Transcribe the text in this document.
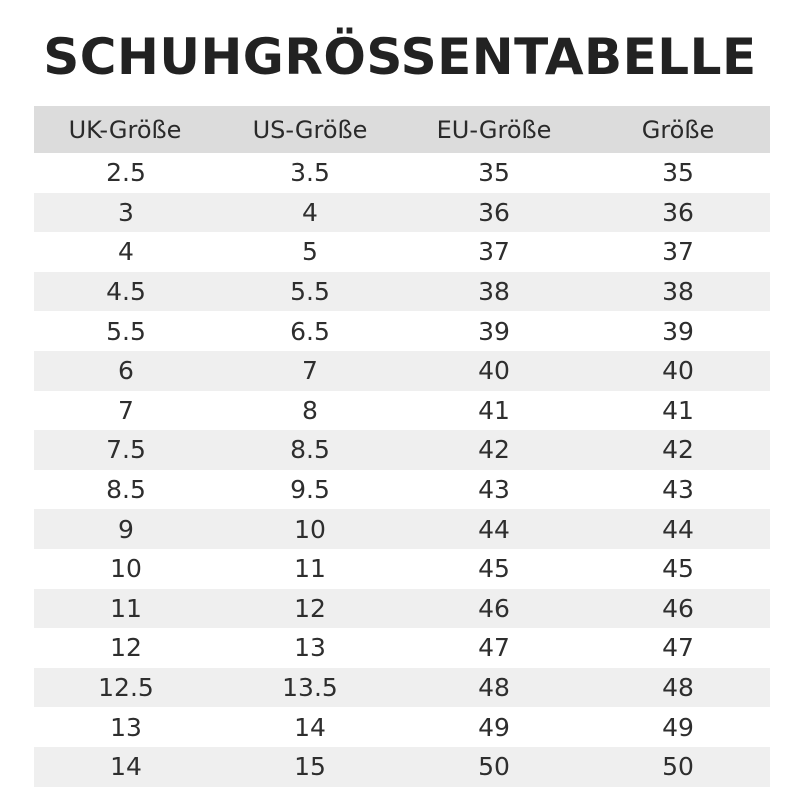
SCHUHGRÖSSENTABELLE
UK-Größe	US-Größe	EU-Größe	Größe
2.5	3.5	35	35
3	4	36	36
4	5	37	37
4.5	5.5	38	38
5.5	6.5	39	39
6	7	40	40
7	8	41	41
7.5	8.5	42	42
8.5	9.5	43	43
9	10	44	44
10	11	45	45
11	12	46	46
12	13	47	47
12.5	13.5	48	48
13	14	49	49
14	15	50	50
